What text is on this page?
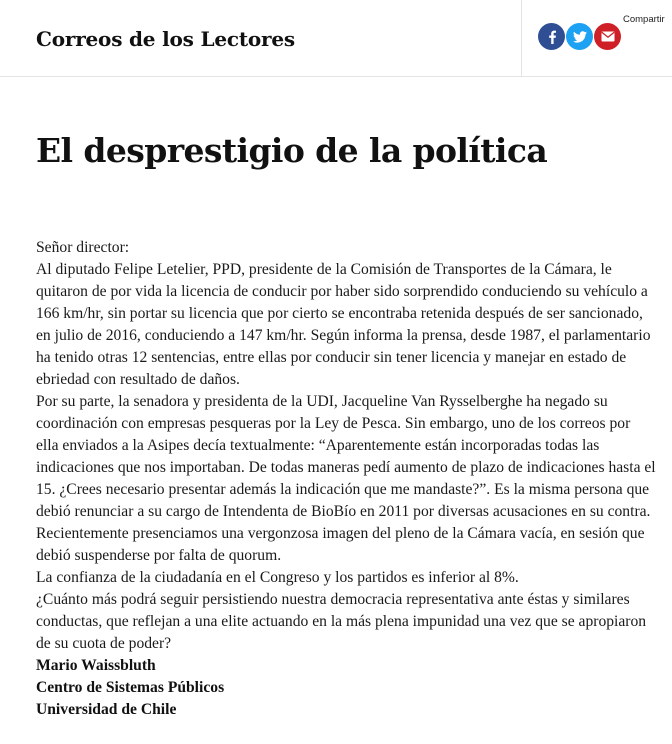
Correos de los Lectores
Compartir
El desprestigio de la política

Señor director:

Al diputado Felipe Letelier, PPD, presidente de la Comisión de Transportes de la Cámara, le quitaron de por vida la licencia de conducir por haber sido sorprendido conduciendo su vehículo a 166 km/hr, sin portar su licencia que por cierto se encontraba retenida después de ser sancionado, en julio de 2016, conduciendo a 147 km/hr. Según informa la prensa, desde 1987, el parlamentario ha tenido otras 12 sentencias, entre ellas por conducir sin tener licencia y manejar en estado de ebriedad con resultado de daños.

Por su parte, la senadora y presidenta de la UDI, Jacqueline Van Rysselberghe ha negado su coordinación con empresas pesqueras por la Ley de Pesca. Sin embargo, uno de los correos por ella enviados a la Asipes decía textualmente: “Aparentemente están incorporadas todas las indicaciones que nos importaban. De todas maneras pedí aumento de plazo de indicaciones hasta el 15. ¿Crees necesario presentar además la indicación que me mandaste?”. Es la misma persona que debió renunciar a su cargo de Intendenta de BioBío en 2011 por diversas acusaciones en su contra.

Recientemente presenciamos una vergonzosa imagen del pleno de la Cámara vacía, en sesión que debió suspenderse por falta de quorum.

La confianza de la ciudadanía en el Congreso y los partidos es inferior al 8%.

¿Cuánto más podrá seguir persistiendo nuestra democracia representativa ante éstas y similares conductas, que reflejan a una elite actuando en la más plena impunidad una vez que se apropiaron de su cuota de poder?

Mario Waissbluth

Centro de Sistemas Públicos

Universidad de Chile
